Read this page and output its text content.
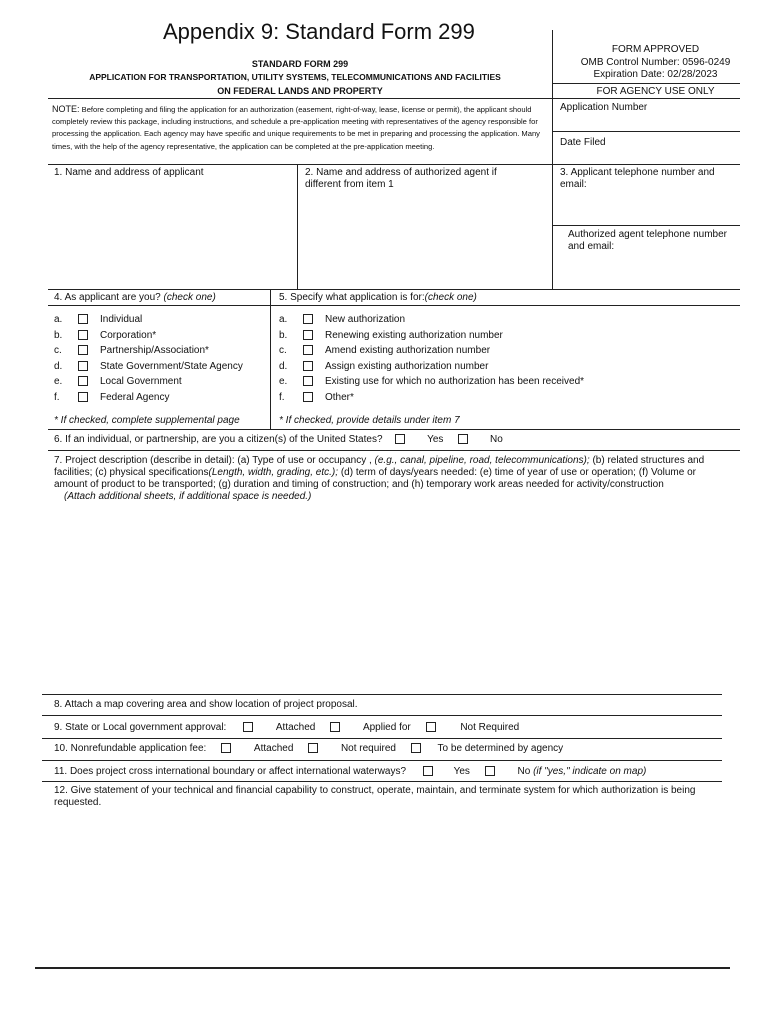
Appendix 9: Standard Form 299
STANDARD FORM 299
APPLICATION FOR TRANSPORTATION, UTILITY SYSTEMS, TELECOMMUNICATIONS AND FACILITIES
ON FEDERAL LANDS AND PROPERTY
FORM APPROVED
OMB Control Number: 0596-0249
Expiration Date: 02/28/2023
FOR AGENCY USE ONLY
Application Number
Date Filed
NOTE: Before completing and filing the application for an authorization (easement, right-of-way, lease, license or permit), the applicant should completely review this package, including instructions, and schedule a pre-application meeting with representatives of the agency responsible for processing the application. Each agency may have specific and unique requirements to be met in preparing and processing the application. Many times, with the help of the agency representative, the application can be completed at the pre-application meeting.
1. Name and address of applicant	2. Name and address of authorized agent if different from item 1
3. Applicant telephone number and email:
Authorized agent telephone number and email:
4. As applicant are you? (check one)
a.	Individual
b.	Corporation*
c.	Partnership/Association*
d.	State Government/State Agency
e.	Local Government
f.	Federal Agency
* If checked, complete supplemental page
5. Specify what application is for:(check one)
a.	New authorization
b.	Renewing existing authorization number
c.	Amend existing authorization number
d.	Assign existing authorization number
e.	Existing use for which no authorization has been received*
f.	Other*
* If checked, provide details under item 7
6. If an individual, or partnership, are you a citizen(s) of the United States?	Yes	No
7. Project description (describe in detail): (a) Type of use or occupancy , (e.g., canal, pipeline, road, telecommunications); (b) related structures and facilities; (c) physical specifications(Length, width, grading, etc.); (d) term of days/years needed: (e) time of year of use or operation; (f) Volume or amount of product to be transported; (g) duration and timing of construction; and (h) temporary work areas needed for activity/construction
(Attach additional sheets, if additional space is needed.)
8. Attach a map covering area and show location of project proposal.
9. State or Local government approval:	Attached	Applied for	Not Required
10. Nonrefundable application fee:	Attached	Not required	To be determined by agency
11. Does project cross international boundary or affect international waterways?	Yes	No (if "yes," indicate on map)
12. Give statement of your technical and financial capability to construct, operate, maintain, and terminate system for which authorization is being requested.
